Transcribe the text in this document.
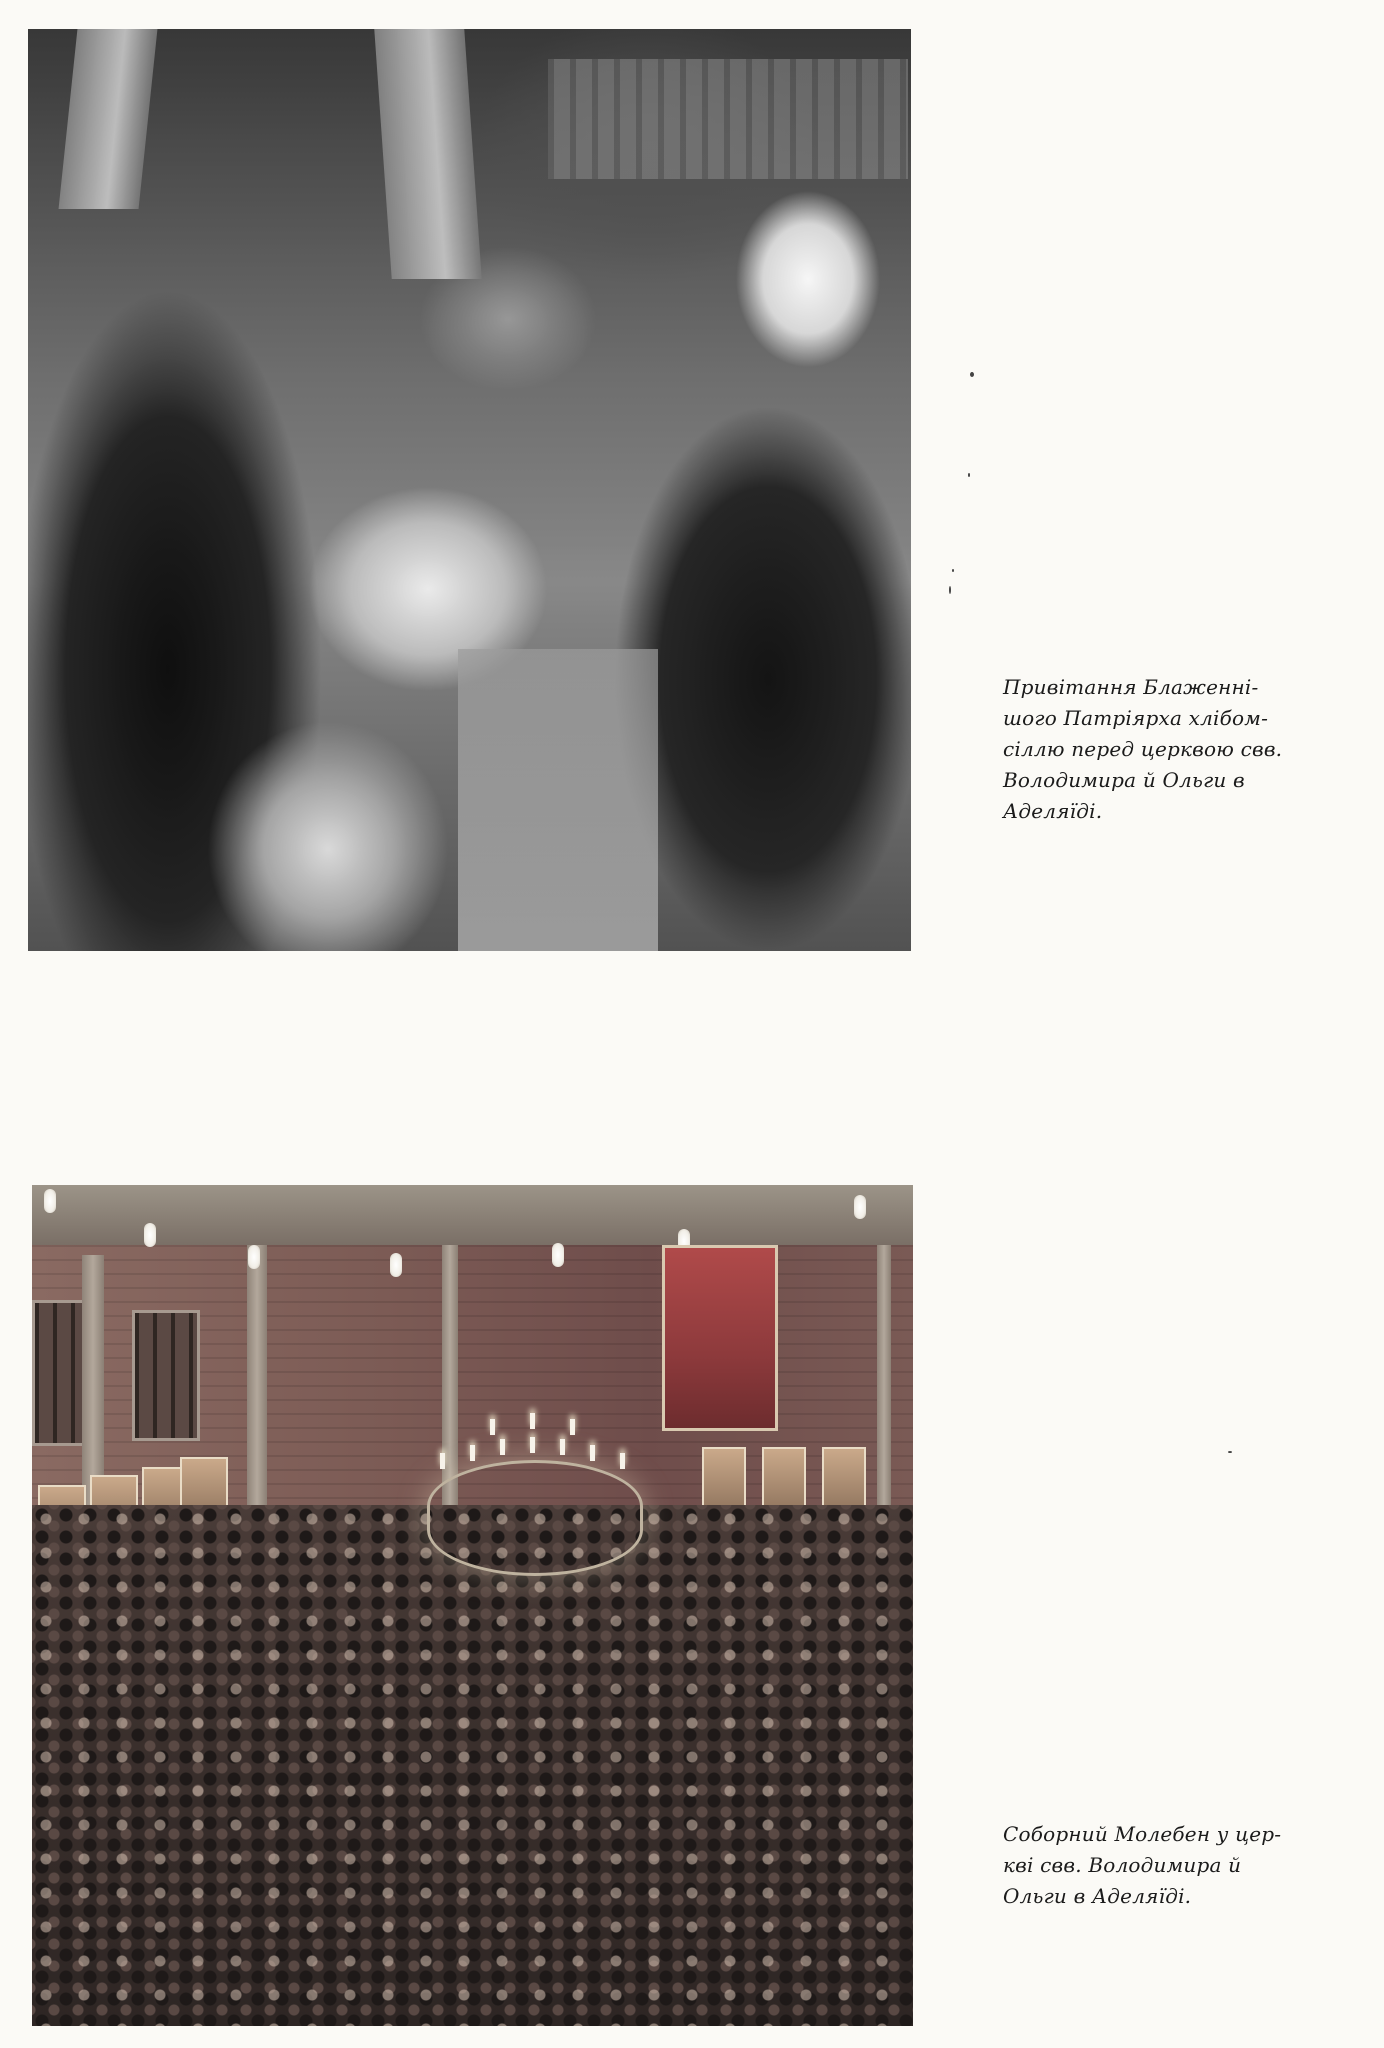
Привітання Блаженні-
шого Патріярха хлібом-
сіллю перед церквою свв.
Володимира й Ольги в
Аделяїді.
Соборний Молебен у цер-
кві свв. Володимира й
Ольги в Аделяїді.
